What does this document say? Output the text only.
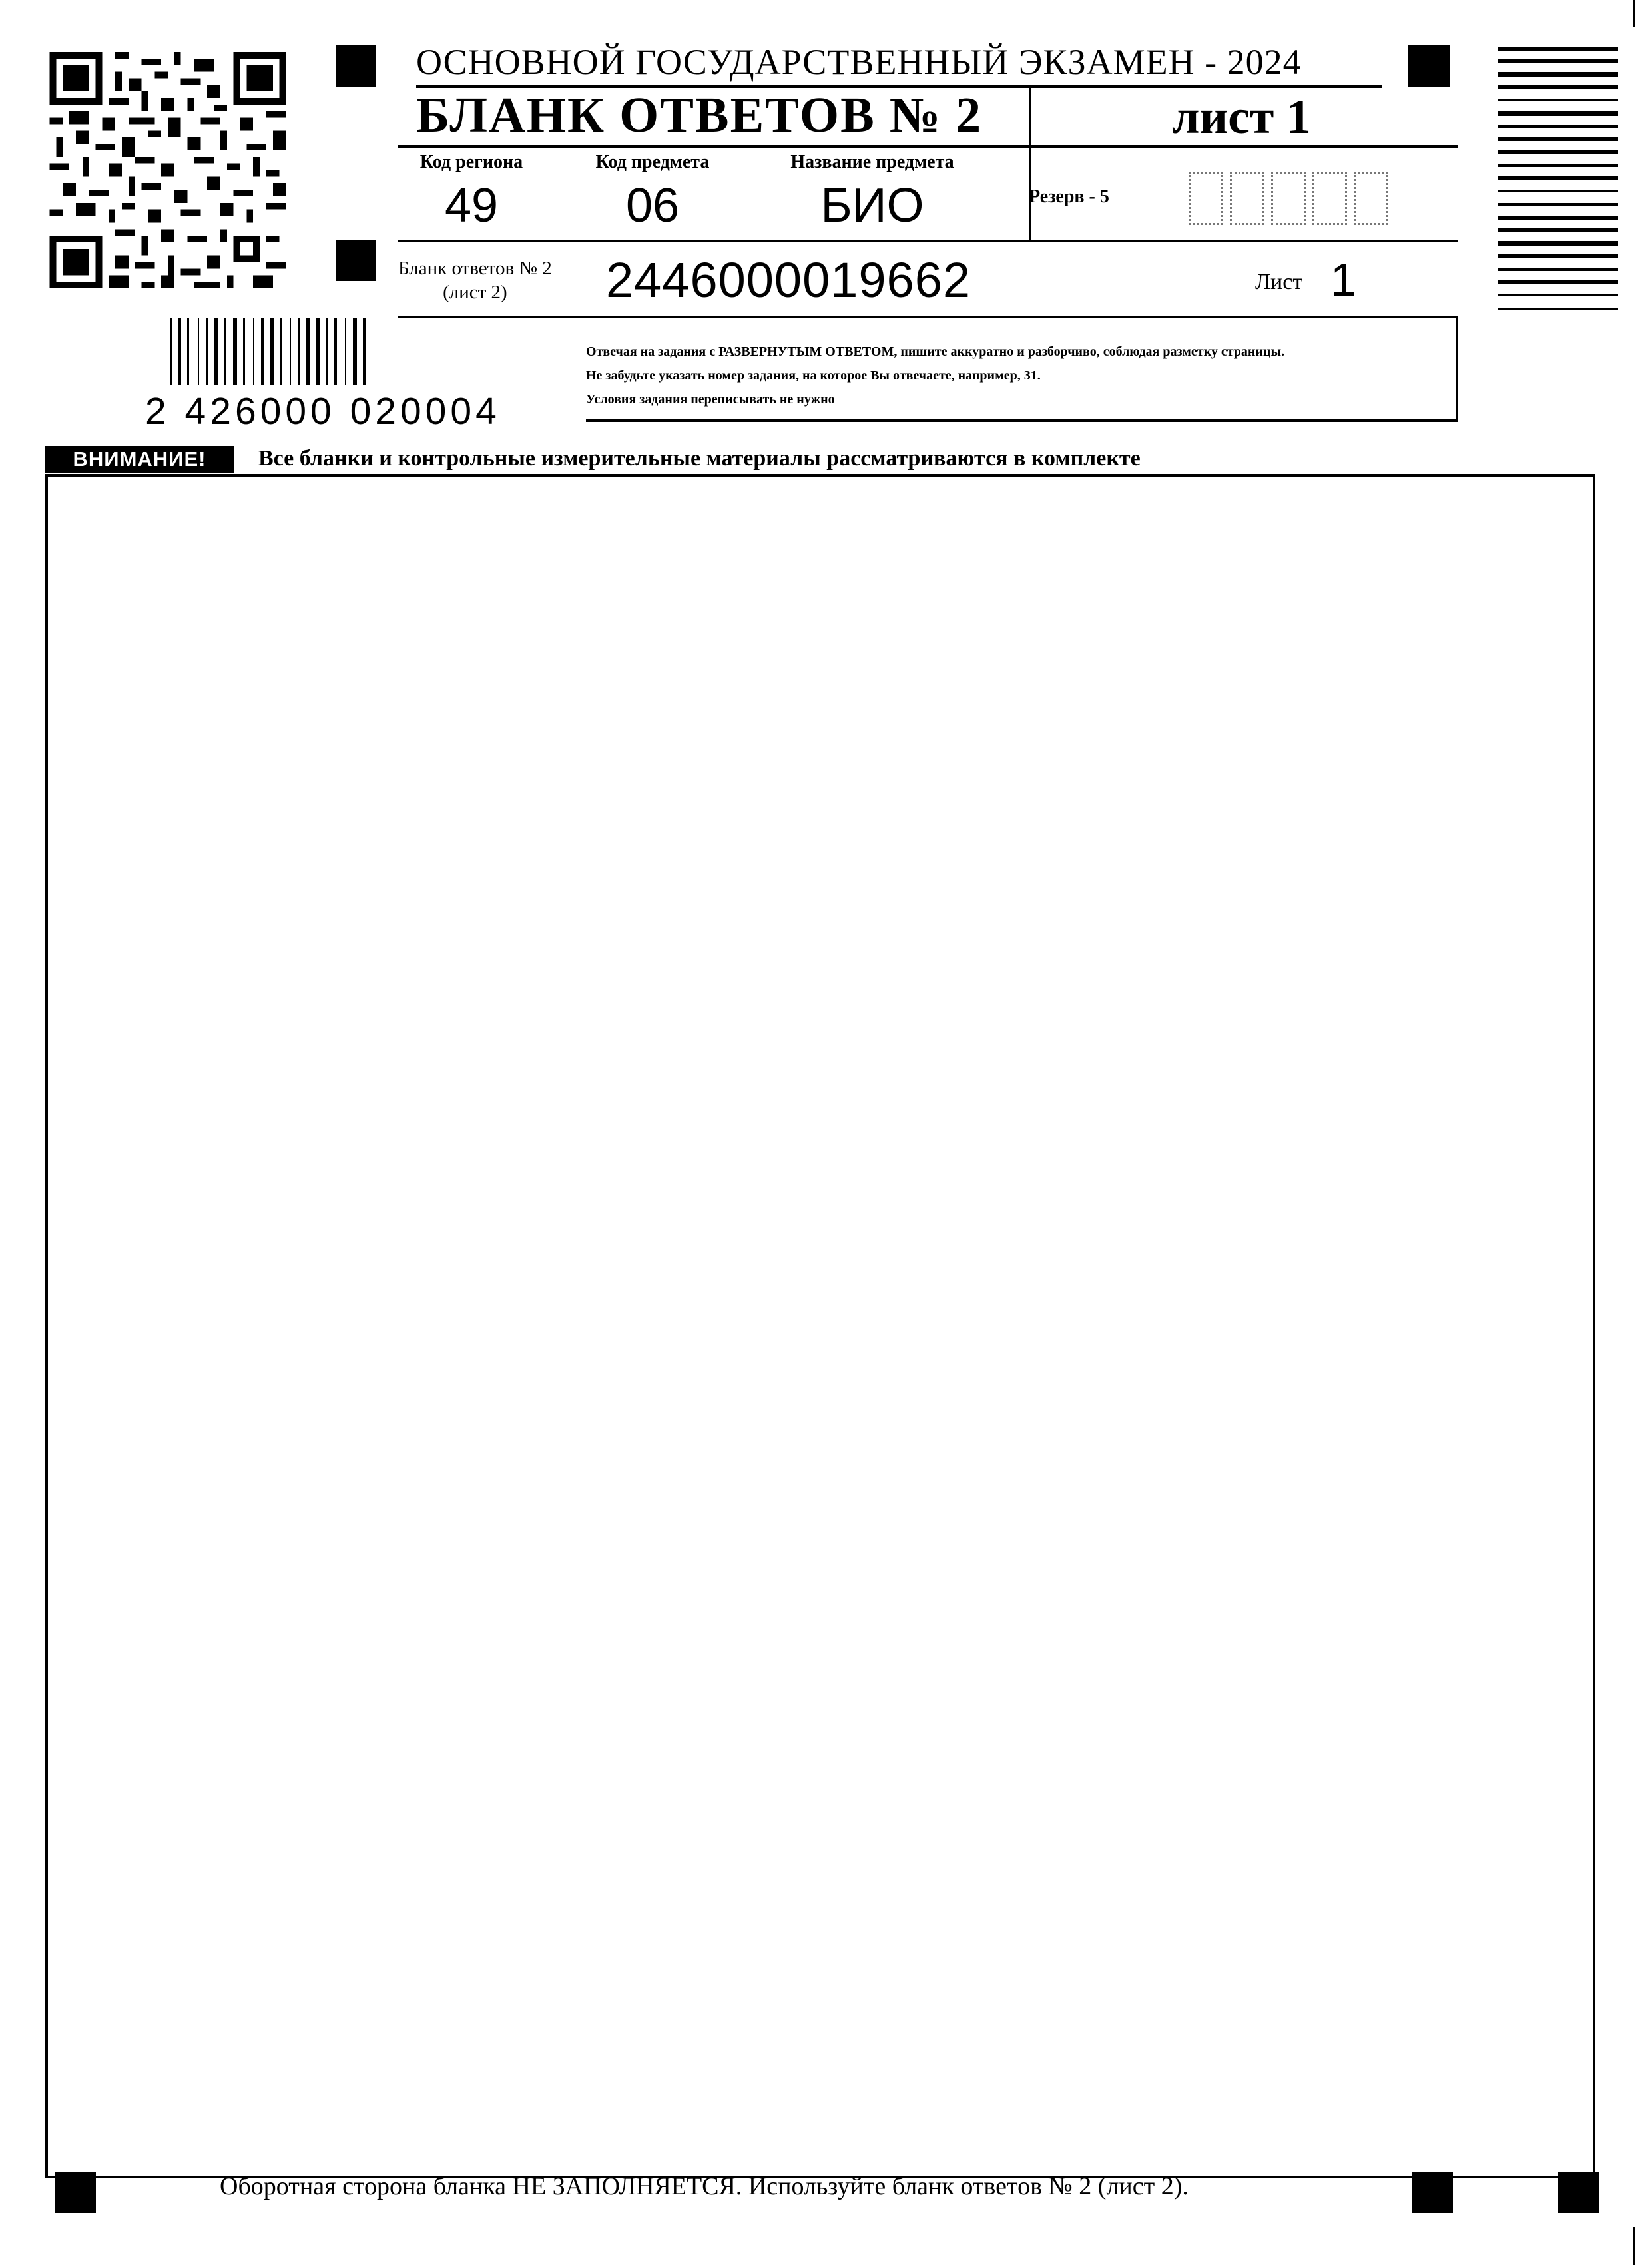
ОСНОВНОЙ ГОСУДАРСТВЕННЫЙ ЭКЗАМЕН - 2024
БЛАНК ОТВЕТОВ № 2	лист 1
Код региона
49
Код предмета
06
Название предмета
БИО	Резерв - 5
Бланк ответов № 2
(лист 2)	2446000019662	Лист 1
Отвечая на задания с РАЗВЕРНУТЫМ ОТВЕТОМ, пишите аккуратно и разборчиво, соблюдая разметку страницы.
Не забудьте указать номер задания, на которое Вы отвечаете, например, 31.
Условия задания переписывать не нужно
2 426000 020004
ВНИМАНИЕ!	Все бланки и контрольные измерительные материалы рассматриваются в комплекте
Оборотная сторона бланка НЕ ЗАПОЛНЯЕТСЯ. Используйте бланк ответов № 2 (лист 2).
